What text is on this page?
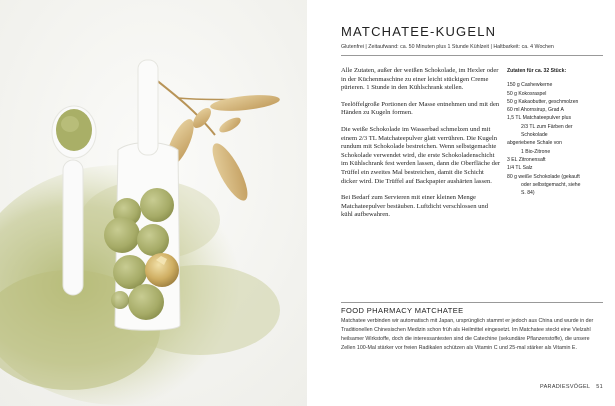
MATCHATEE-KUGELN
Glutenfrei | Zeitaufwand: ca. 50 Minuten plus 1 Stunde Kühlzeit | Haltbarkeit: ca. 4 Wochen

Alle Zutaten, außer der weißen Schokolade, im Hexler oder in der Küchenmaschine zu einer leicht stückigen Creme pürieren. 1 Stunde in den Kühlschrank stellen.

Teelöffelgroße Portionen der Masse entnehmen und mit den Händen zu Kugeln formen.

Die weiße Schokolade im Wasserbad schmelzen und mit einem 2/3 TL Matchateepulver glatt verrühren. Die Kugeln rundum mit Schokolade bestreichen. Wenn selbstgemachte Schokolade verwendet wird, die erste Schokoladenschicht im Kühlschrank fest werden lassen, dann die Oberfläche der Trüffel ein zweites Mal bestreichen, damit die Schicht dicker wird. Die Trüffel auf Backpapier aushärten lassen.

Bei Bedarf zum Servieren mit einer kleinen Menge Matchateepulver bestäuben. Luftdicht verschlossen und kühl aufbewahren.

Zutaten für ca. 32 Stück:
150 g Cashewkerne
50 g Kokosraspel
50 g Kakaobutter, geschmolzen
60 ml Ahornsirup, Grad A
1,5 TL Matchateepulver plus
2/3 TL zum Färben der
Schokolade
abgeriebene Schale von
1 Bio-Zitrone
3 EL Zitronensaft
1/4 TL Salz
80 g weiße Schokolade (gekauft
oder selbstgemacht, siehe
S. 84)
FOOD PHARMACY MATCHATEE
Matchatee verbinden wir automatisch mit Japan, ursprünglich stammt er jedoch aus China und wurde in der Traditionellen Chinesischen Medizin schon früh als Heilmittel eingesetzt. Im Matchatee steckt eine Vielzahl heilsamer Wirkstoffe, doch die interessantesten sind die Catechine (sekundäre Pflanzenstoffe), die unsere Zellen 100-Mal stärker vor freien Radikalen schützen als Vitamin C und 25-mal stärker als Vitamin E.
PARADIESVÖGEL 51
